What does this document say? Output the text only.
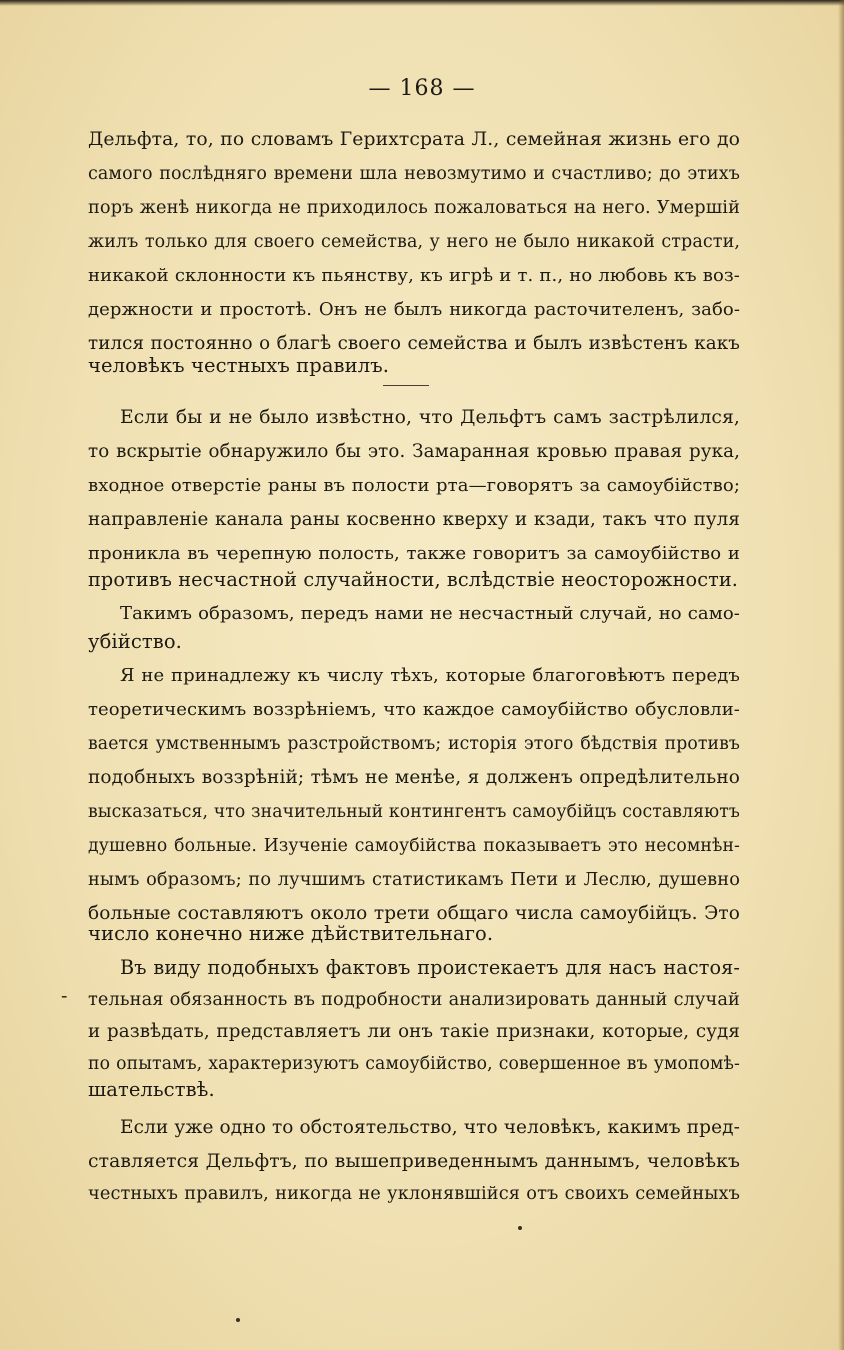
— 168 —
Дельфта, то, по словамъ Герихтсрата Л., семейная жизнь его до
самого послѣдняго времени шла невозмутимо и счастливо; до этихъ
поръ женѣ никогда не приходилось пожаловаться на него. Умершій
жилъ только для своего семейства, у него не было никакой страсти,
никакой склонности къ пьянству, къ игрѣ и т. п., но любовь къ воз-
держности и простотѣ. Онъ не былъ никогда расточителенъ, забо-
тился постоянно о благѣ своего семейства и былъ извѣстенъ какъ
человѣкъ честныхъ правилъ.
Если бы и не было извѣстно, что Дельфтъ самъ застрѣлился,
то вскрытіе обнаружило бы это. Замаранная кровью правая рука,
входное отверстіе раны въ полости рта—говорятъ за самоубійство;
направленіе канала раны косвенно кверху и кзади, такъ что пуля
проникла въ черепную полость, также говоритъ за самоубійство и
противъ несчастной случайности, вслѣдствіе неосторожности.
Такимъ образомъ, передъ нами не несчастный случай, но само-
убійство.
Я не принадлежу къ числу тѣхъ, которые благоговѣютъ передъ
теоретическимъ воззрѣніемъ, что каждое самоубійство обусловли-
вается умственнымъ разстройствомъ; исторія этого бѣдствія противъ
подобныхъ воззрѣній; тѣмъ не менѣе, я долженъ опредѣлительно
высказаться, что значительный контингентъ самоубійцъ составляютъ
душевно больные. Изученіе самоубійства показываетъ это несомнѣн-
нымъ образомъ; по лучшимъ статистикамъ Пети и Леслю, душевно
больные составляютъ около трети общаго числа самоубійцъ. Это
число конечно ниже дѣйствительнаго.
Въ виду подобныхъ фактовъ проистекаетъ для насъ настоя-
- тельная обязанность въ подробности анализировать данный случай
и развѣдать, представляетъ ли онъ такіе признаки, которые, судя
по опытамъ, характеризуютъ самоубійство, совершенное въ умопомѣ-
шательствѣ.
Если уже одно то обстоятельство, что человѣкъ, какимъ пред-
ставляется Дельфтъ, по вышеприведеннымъ даннымъ, человѣкъ
честныхъ правилъ, никогда не уклонявшійся отъ своихъ семейныхъ
